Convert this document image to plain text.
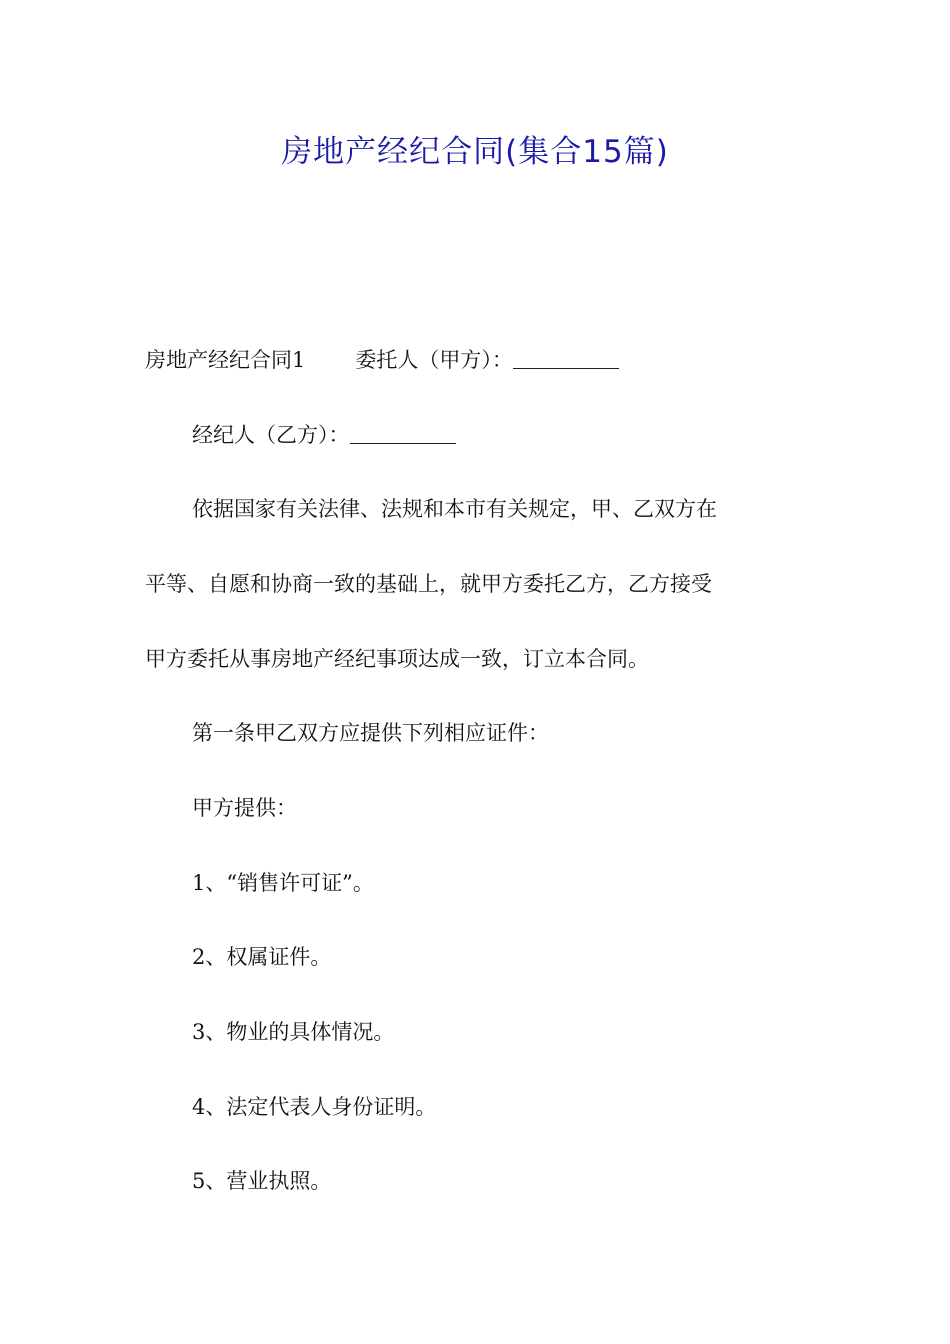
房地产经纪合同(集合15篇)

房地产经纪合同1 委托人（甲方）：

经纪人（乙方）：

依据国家有关法律、法规和本市有关规定，甲、乙双方在

平等、自愿和协商一致的基础上，就甲方委托乙方，乙方接受

甲方委托从事房地产经纪事项达成一致，订立本合同。

第一条甲乙双方应提供下列相应证件：

甲方提供：

1、“销售许可证”。

2、权属证件。

3、物业的具体情况。

4、法定代表人身份证明。

5、营业执照。
